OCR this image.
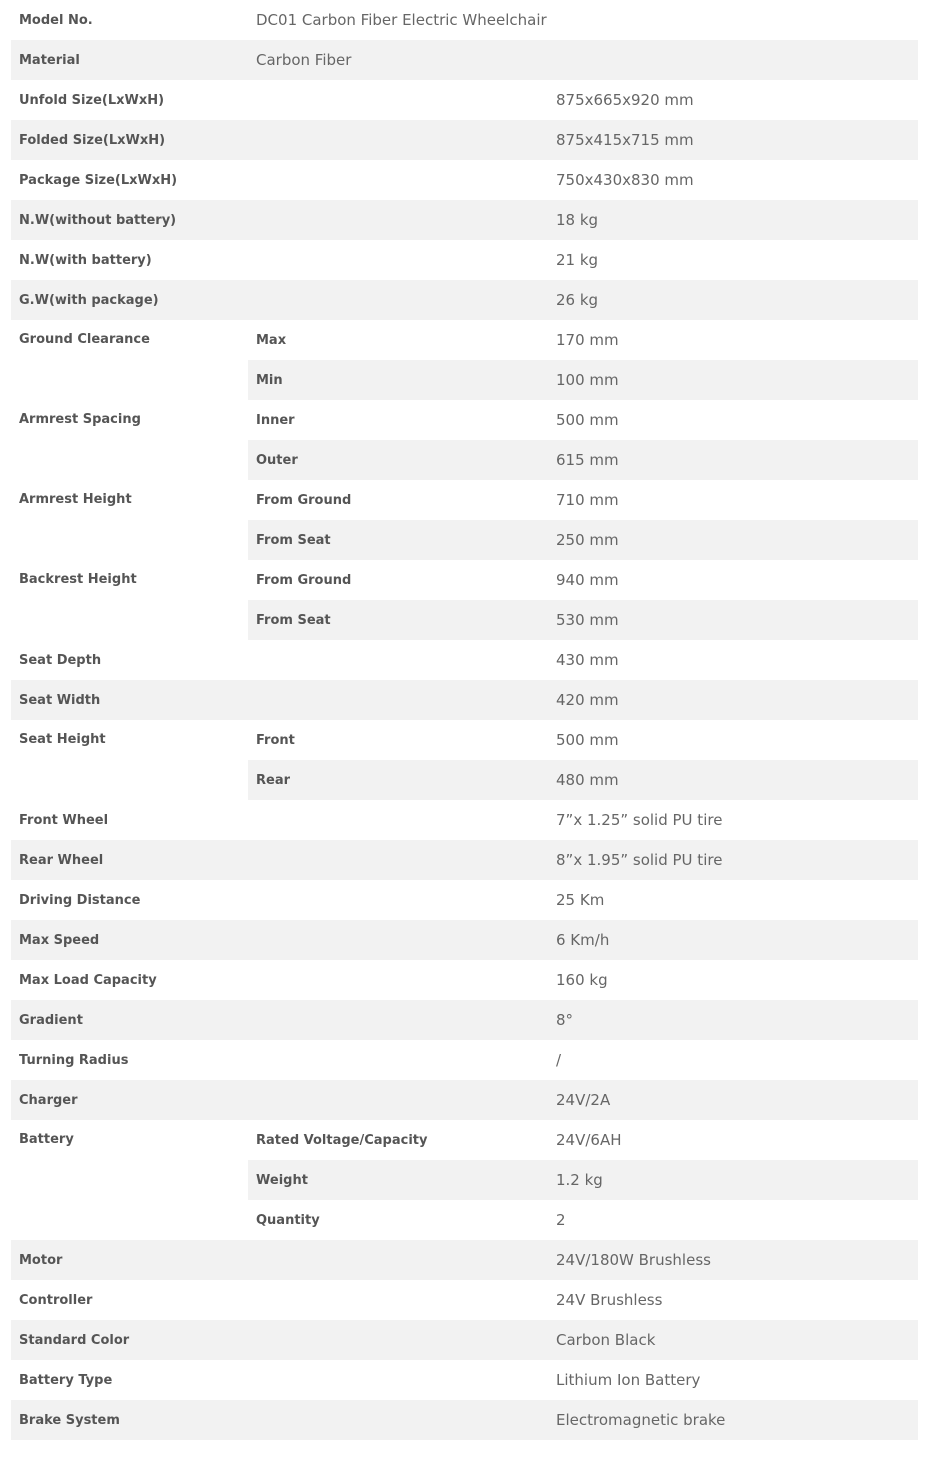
Model No.	DC01 Carbon Fiber Electric Wheelchair	
Material	Carbon Fiber	
Unfold Size(LxWxH)		875x665x920 mm
Folded Size(LxWxH)		875x415x715 mm
Package Size(LxWxH)		750x430x830 mm
N.W(without battery)		18 kg
N.W(with battery)		21 kg
G.W(with package)		26 kg
Ground Clearance	Max	170 mm
	Min	100 mm
Armrest Spacing	Inner	500 mm
	Outer	615 mm
Armrest Height	From Ground	710 mm
	From Seat	250 mm
Backrest Height	From Ground	940 mm
	From Seat	530 mm
Seat Depth		430 mm
Seat Width		420 mm
Seat Height	Front	500 mm
	Rear	480 mm
Front Wheel		7”x 1.25” solid PU tire
Rear Wheel		8”x 1.95” solid PU tire
Driving Distance		25 Km
Max Speed		6 Km/h
Max Load Capacity		160 kg
Gradient		8°
Turning Radius		/
Charger		24V/2A
Battery	Rated Voltage/Capacity	24V/6AH
	Weight	1.2 kg
	Quantity	2
Motor		24V/180W Brushless
Controller		24V Brushless
Standard Color		Carbon Black
Battery Type		Lithium Ion Battery
Brake System		Electromagnetic brake
